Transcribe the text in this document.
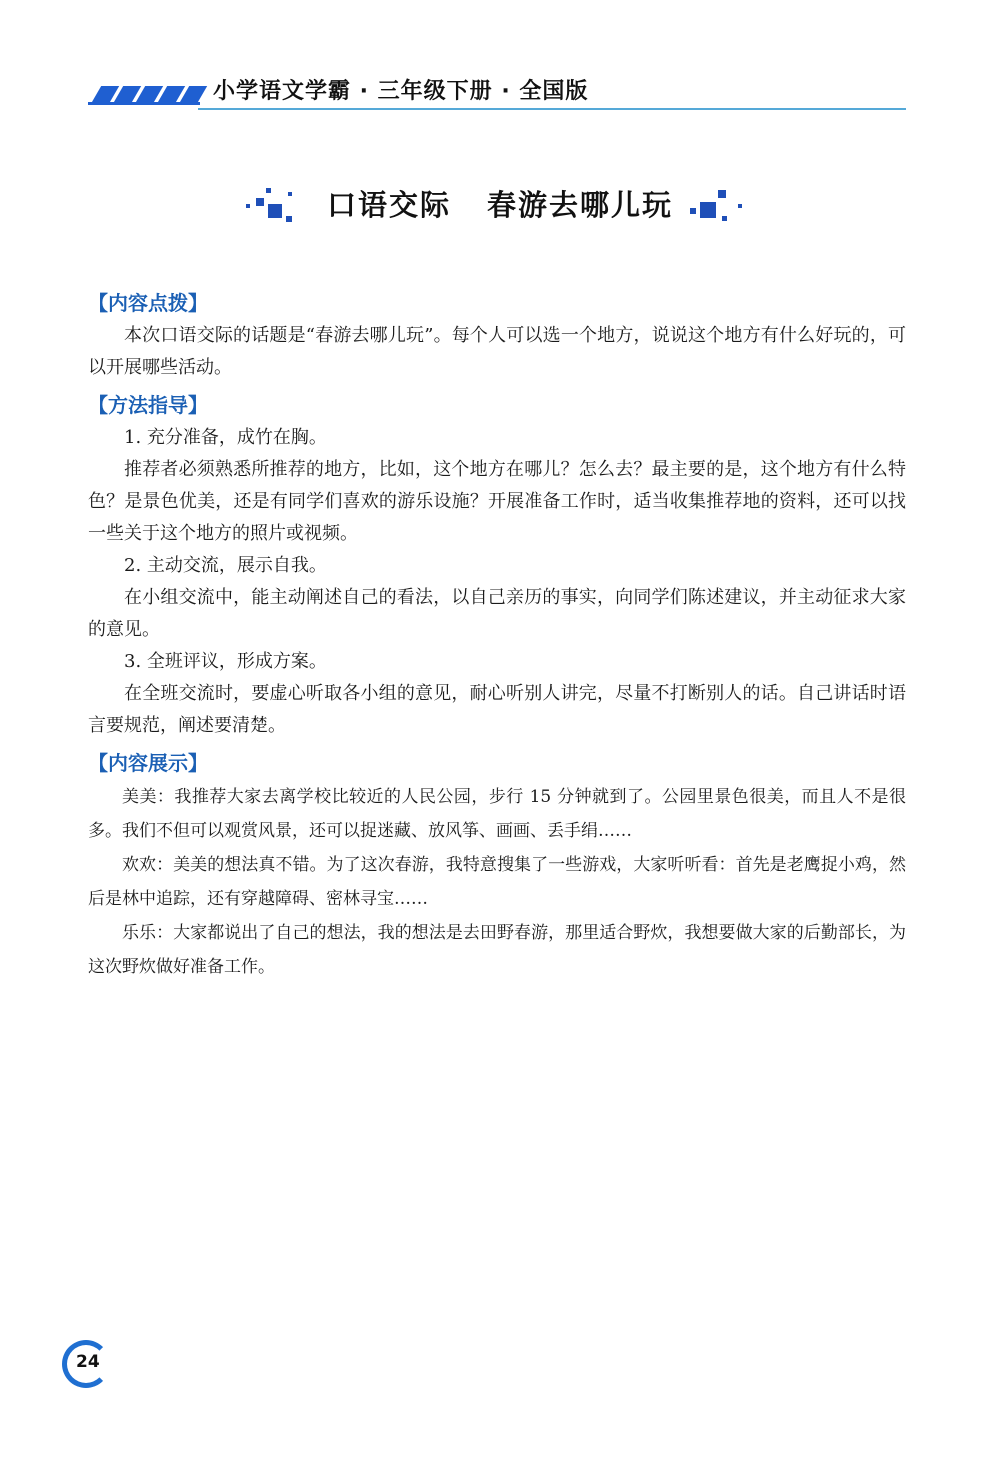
小学语文学霸 · 三年级下册 · 全国版
口语交际 春游去哪儿玩
【内容点拨】

本次口语交际的话题是“春游去哪儿玩”。每个人可以选一个地方，说说这个地方有什么好玩的，可以开展哪些活动。

【方法指导】
1. 充分准备，成竹在胸。

推荐者必须熟悉所推荐的地方，比如，这个地方在哪儿？怎么去？最主要的是，这个地方有什么特色？是景色优美，还是有同学们喜欢的游乐设施？开展准备工作时，适当收集推荐地的资料，还可以找一些关于这个地方的照片或视频。

2. 主动交流，展示自我。

在小组交流中，能主动阐述自己的看法，以自己亲历的事实，向同学们陈述建议，并主动征求大家的意见。

3. 全班评议，形成方案。

在全班交流时，要虚心听取各小组的意见，耐心听别人讲完，尽量不打断别人的话。自己讲话时语言要规范，阐述要清楚。

【内容展示】

美美：我推荐大家去离学校比较近的人民公园，步行 15 分钟就到了。公园里景色很美，而且人不是很多。我们不但可以观赏风景，还可以捉迷藏、放风筝、画画、丢手绢……

欢欢：美美的想法真不错。为了这次春游，我特意搜集了一些游戏，大家听听看：首先是老鹰捉小鸡，然后是林中追踪，还有穿越障碍、密林寻宝……

乐乐：大家都说出了自己的想法，我的想法是去田野春游，那里适合野炊，我想要做大家的后勤部长，为这次野炊做好准备工作。

24
